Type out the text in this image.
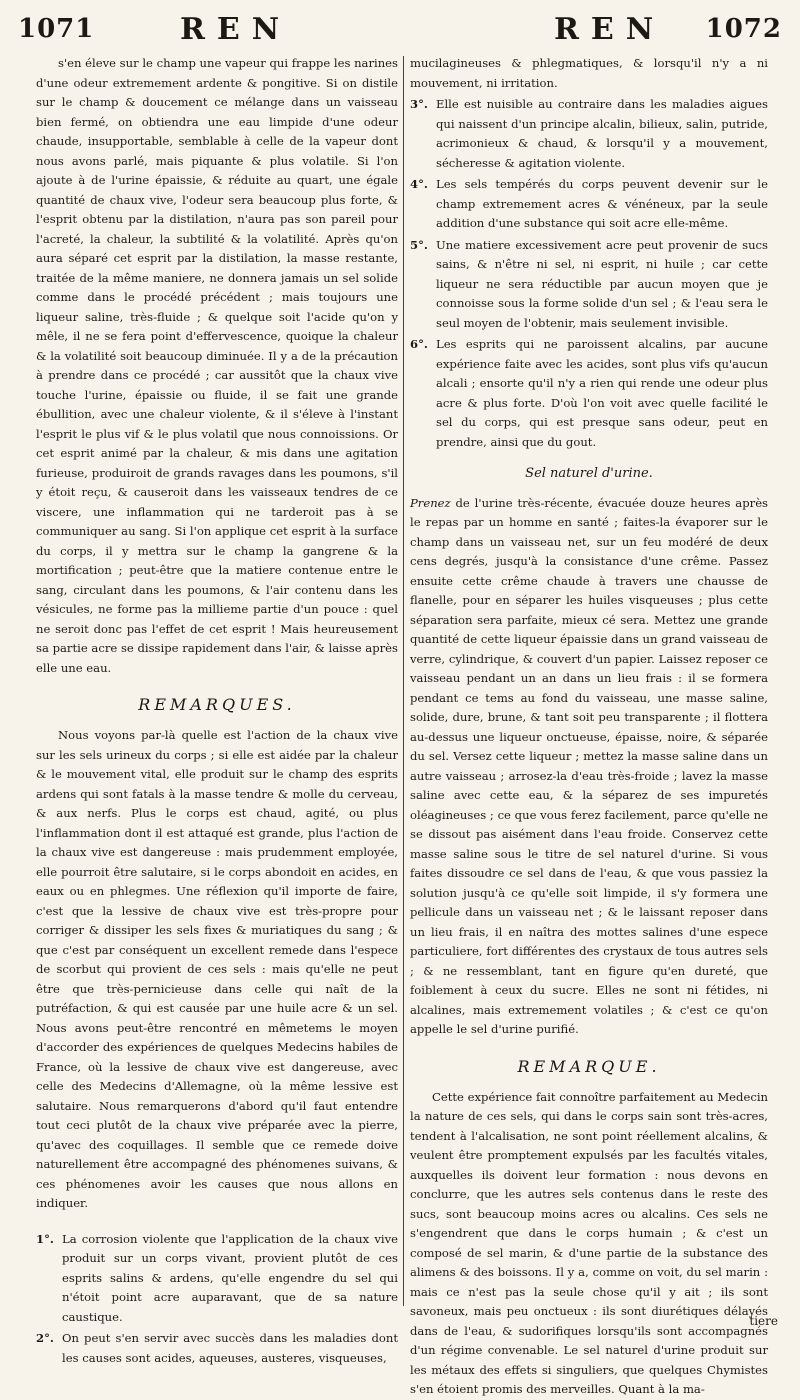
1071	REN	REN 1072

s'en éleve sur le champ une vapeur qui frappe les narines d'une odeur extremement ardente & pongitive. Si on distile sur le champ & doucement ce mélange dans un vaisseau bien fermé, on obtiendra une eau limpide d'une odeur chaude, insupportable, semblable à celle de la vapeur dont nous avons parlé, mais piquante & plus volatile. Si l'on ajoute à de l'urine épaissie, & réduite au quart, une égale quantité de chaux vive, l'odeur sera beaucoup plus forte, & l'esprit obtenu par la distilation, n'aura pas son pareil pour l'acreté, la chaleur, la subtilité & la volatilité. Après qu'on aura séparé cet esprit par la distilation, la masse restante, traitée de la même maniere, ne donnera jamais un sel solide comme dans le procédé précédent ; mais toujours une liqueur saline, très-fluide ; & quelque soit l'acide qu'on y mêle, il ne se fera point d'effervescence, quoique la chaleur & la volatilité soit beaucoup diminuée. Il y a de la précaution à prendre dans ce procédé ; car aussitôt que la chaux vive touche l'urine, épaissie ou fluide, il se fait une grande ébullition, avec une chaleur violente, & il s'éleve à l'instant l'esprit le plus vif & le plus volatil que nous connoissions. Or cet esprit animé par la chaleur, & mis dans une agitation furieuse, produiroit de grands ravages dans les poumons, s'il y étoit reçu, & causeroit dans les vaisseaux tendres de ce viscere, une inflammation qui ne tarderoit pas à se communiquer au sang. Si l'on applique cet esprit à la surface du corps, il y mettra sur le champ la gangrene & la mortification ; peut-être que la matiere contenue entre le sang, circulant dans les poumons, & l'air contenu dans les vésicules, ne forme pas la millieme partie d'un pouce : quel ne seroit donc pas l'effet de cet esprit ! Mais heureusement sa partie acre se dissipe rapidement dans l'air, & laisse après elle une eau.

REMARQUES.

Nous voyons par-là quelle est l'action de la chaux vive sur les sels urineux du corps ; si elle est aidée par la chaleur & le mouvement vital, elle produit sur le champ des esprits ardens qui sont fatals à la masse tendre & molle du cerveau, & aux nerfs. Plus le corps est chaud, agité, ou plus l'inflammation dont il est attaqué est grande, plus l'action de la chaux vive est dangereuse : mais prudemment employée, elle pourroit être salutaire, si le corps abondoit en acides, en eaux ou en phlegmes. Une réflexion qu'il importe de faire, c'est que la lessive de chaux vive est très-propre pour corriger & dissiper les sels fixes & muriatiques du sang ; & que c'est par conséquent un excellent remede dans l'espece de scorbut qui provient de ces sels : mais qu'elle ne peut être que très-pernicieuse dans celle qui naît de la putréfaction, & qui est causée par une huile acre & un sel. Nous avons peut-être rencontré en mêmetems le moyen d'accorder des expériences de quelques Medecins habiles de France, où la lessive de chaux vive est dangereuse, avec celle des Medecins d'Allemagne, où la même lessive est salutaire. Nous remarquerons d'abord qu'il faut entendre tout ceci plutôt de la chaux vive préparée avec la pierre, qu'avec des coquillages. Il semble que ce remede doive naturellement être accompagné des phénomenes suivans, & ces phénomenes avoir les causes que nous allons en indiquer.

1°. La corrosion violente que l'application de la chaux vive produit sur un corps vivant, provient plutôt de ces esprits salins & ardens, qu'elle engendre du sel qui n'étoit point acre auparavant, que de sa nature caustique.
2°. On peut s'en servir avec succès dans les maladies dont les causes sont acides, aqueuses, austeres, visqueuses,

mucilagineuses & phlegmatiques, & lorsqu'il n'y a ni mouvement, ni irritation.

3°. Elle est nuisible au contraire dans les maladies aigues qui naissent d'un principe alcalin, bilieux, salin, putride, acrimonieux & chaud, & lorsqu'il y a mouvement, sécheresse & agitation violente.
4°. Les sels tempérés du corps peuvent devenir sur le champ extremement acres & vénéneux, par la seule addition d'une substance qui soit acre elle-même.
5°. Une matiere excessivement acre peut provenir de sucs sains, & n'être ni sel, ni esprit, ni huile ; car cette liqueur ne sera réductible par aucun moyen que je connoisse sous la forme solide d'un sel ; & l'eau sera le seul moyen de l'obtenir, mais seulement invisible.
6°. Les esprits qui ne paroissent alcalins, par aucune expérience faite avec les acides, sont plus vifs qu'aucun alcali ; ensorte qu'il n'y a rien qui rende une odeur plus acre & plus forte. D'où l'on voit avec quelle facilité le sel du corps, qui est presque sans odeur, peut en prendre, ainsi que du gout.
Sel naturel d'urine.

Prenez de l'urine très-récente, évacuée douze heures après le repas par un homme en santé ; faites-la évaporer sur le champ dans un vaisseau net, sur un feu modéré de deux cens degrés, jusqu'à la consistance d'une crême. Passez ensuite cette crême chaude à travers une chausse de flanelle, pour en séparer les huiles visqueuses ; plus cette séparation sera parfaite, mieux cé sera. Mettez une grande quantité de cette liqueur épaissie dans un grand vaisseau de verre, cylindrique, & couvert d'un papier. Laissez reposer ce vaisseau pendant un an dans un lieu frais : il se formera pendant ce tems au fond du vaisseau, une masse saline, solide, dure, brune, & tant soit peu transparente ; il flottera au-dessus une liqueur onctueuse, épaisse, noire, & séparée du sel. Versez cette liqueur ; mettez la masse saline dans un autre vaisseau ; arrosez-la d'eau très-froide ; lavez la masse saline avec cette eau, & la séparez de ses impuretés oléagineuses ; ce que vous ferez facilement, parce qu'elle ne se dissout pas aisément dans l'eau froide. Conservez cette masse saline sous le titre de sel naturel d'urine. Si vous faites dissoudre ce sel dans de l'eau, & que vous passiez la solution jusqu'à ce qu'elle soit limpide, il s'y formera une pellicule dans un vaisseau net ; & le laissant reposer dans un lieu frais, il en naîtra des mottes salines d'une espece particuliere, fort différentes des crystaux de tous autres sels ; & ne ressemblant, tant en figure qu'en dureté, que foiblement à ceux du sucre. Elles ne sont ni fétides, ni alcalines, mais extremement volatiles ; & c'est ce qu'on appelle le sel d'urine purifié.

REMARQUE.

Cette expérience fait connoître parfaitement au Medecin la nature de ces sels, qui dans le corps sain sont très-acres, tendent à l'alcalisation, ne sont point réellement alcalins, & veulent être promptement expulsés par les facultés vitales, auxquelles ils doivent leur formation : nous devons en conclurre, que les autres sels contenus dans le reste des sucs, sont beaucoup moins acres ou alcalins. Ces sels ne s'engendrent que dans le corps humain ; & c'est un composé de sel marin, & d'une partie de la substance des alimens & des boissons. Il y a, comme on voit, du sel marin : mais ce n'est pas la seule chose qu'il y ait ; ils sont savoneux, mais peu onctueux : ils sont diurétiques délayés dans de l'eau, & sudorifiques lorsqu'ils sont accompagnés d'un régime convenable. Le sel naturel d'urine produit sur les métaux des effets si singuliers, que quelques Chymistes s'en étoient promis des merveilles. Quant à la ma-

tiere
